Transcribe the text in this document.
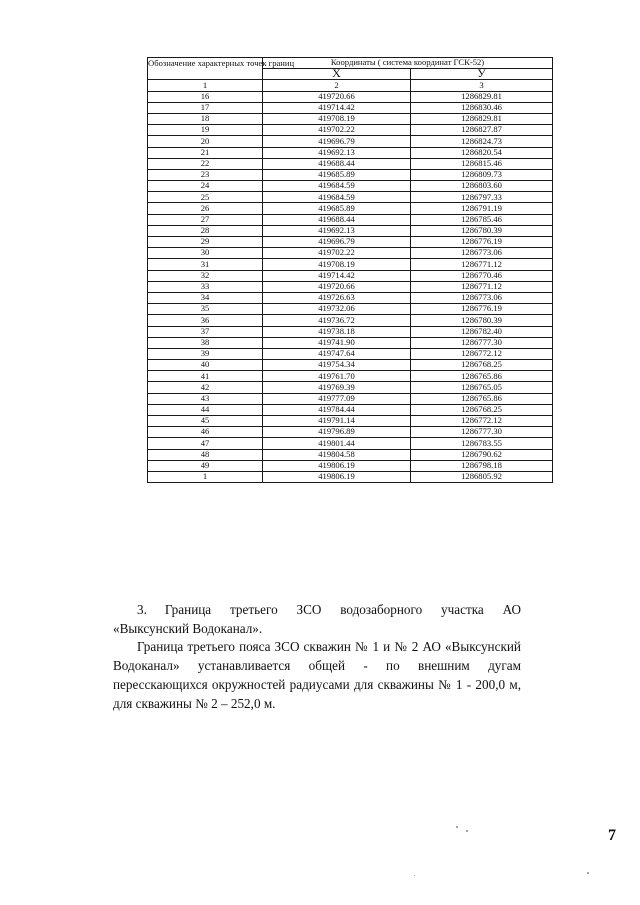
Обозначение характерных точек границ	Координаты ( система координат ГСК-52)	
	X	У
1	2	3
16	419720.66	1286829.81
17	419714.42	1286830.46
18	419708.19	1286829.81
19	419702.22	1286827.87
20	419696.79	1286824.73
21	419692.13	1286820.54
22	419688.44	1286815.46
23	419685.89	1286809.73
24	419684.59	1286803.60
25	419684.59	1286797.33
26	419685.89	1286791.19
27	419688.44	1286785.46
28	419692.13	1286780.39
29	419696.79	1286776.19
30	419702.22	1286773.06
31	419708.19	1286771.12
32	419714.42	1286770.46
33	419720.66	1286771.12
34	419726.63	1286773.06
35	419732.06	1286776.19
36	419736.72	1286780.39
37	419738.18	1286782.40
38	419741.90	1286777.30
39	419747.64	1286772.12
40	419754.34	1286768.25
41	419761.70	1286765.86
42	419769.39	1286765.05
43	419777.09	1286765.86
44	419784.44	1286768.25
45	419791.14	1286772.12
46	419796.89	1286777.30
47	419801.44	1286783.55
48	419804.58	1286790.62
49	419806.19	1286798.18
1	419806.19	1286805.92
3. Граница третьего ЗСО водозаборного участка АО «Выксунский Водоканал».
Граница третьего пояса ЗСО скважин № 1 и № 2 АО «Выксунский Водоканал» устанавливается общей - по внешним дугам пересскающихся окружностей радиусами для скважины № 1 - 200,0 м, для скважины № 2 – 252,0 м.
7
